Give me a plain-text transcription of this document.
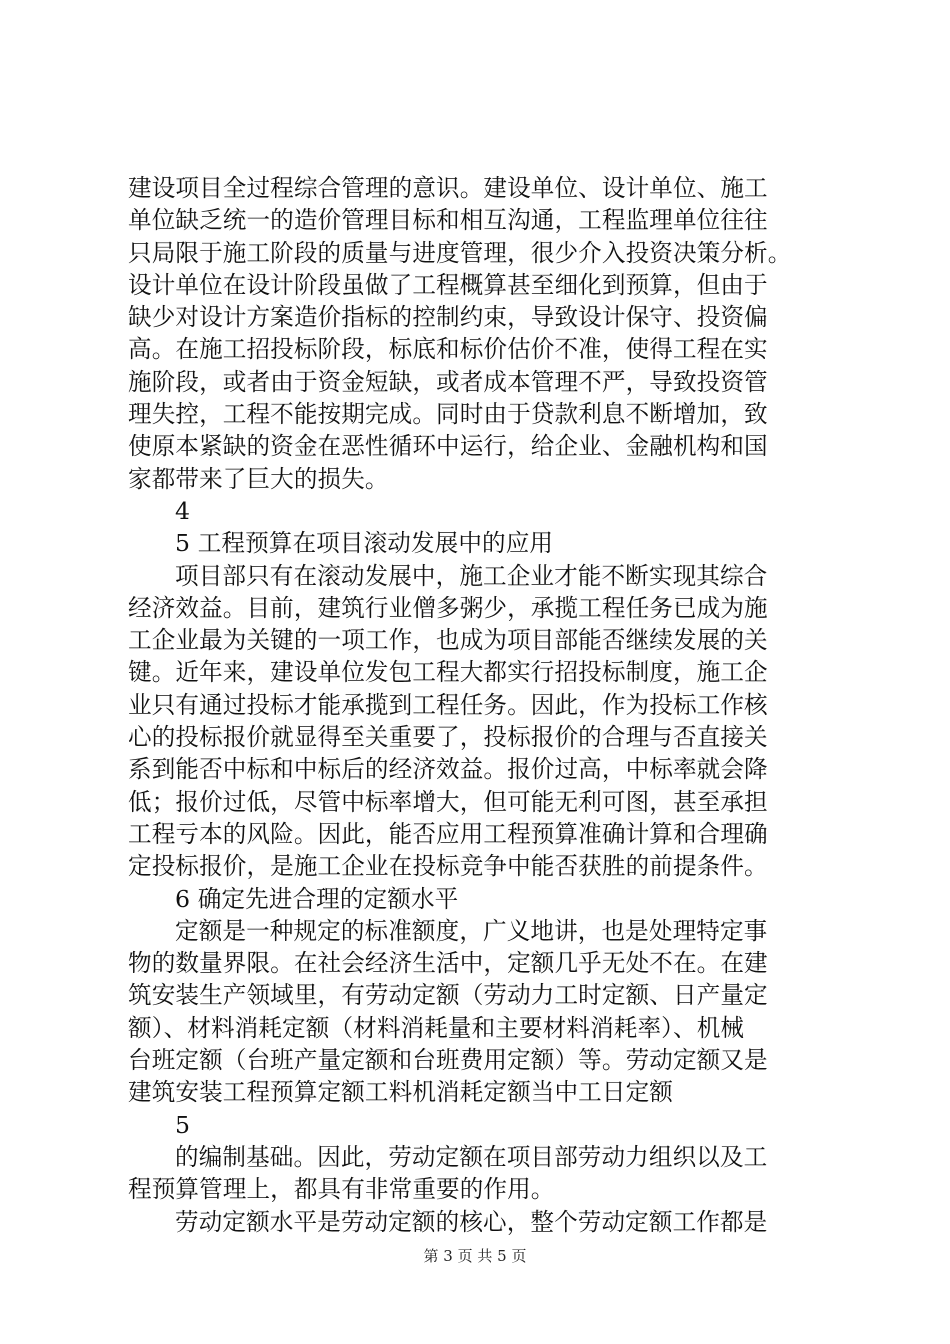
建设项目全过程综合管理的意识。建设单位、设计单位、施工
单位缺乏统一的造价管理目标和相互沟通，工程监理单位往往
只局限于施工阶段的质量与进度管理，很少介入投资决策分析。
设计单位在设计阶段虽做了工程概算甚至细化到预算，但由于
缺少对设计方案造价指标的控制约束，导致设计保守、投资偏
高。在施工招投标阶段，标底和标价估价不准，使得工程在实
施阶段，或者由于资金短缺，或者成本管理不严，导致投资管
理失控，工程不能按期完成。同时由于贷款利息不断增加，致
使原本紧缺的资金在恶性循环中运行，给企业、金融机构和国
家都带来了巨大的损失。
4
5 工程预算在项目滚动发展中的应用
项目部只有在滚动发展中，施工企业才能不断实现其综合
经济效益。目前，建筑行业僧多粥少，承揽工程任务已成为施
工企业最为关键的一项工作，也成为项目部能否继续发展的关
键。近年来，建设单位发包工程大都实行招投标制度，施工企
业只有通过投标才能承揽到工程任务。因此，作为投标工作核
心的投标报价就显得至关重要了，投标报价的合理与否直接关
系到能否中标和中标后的经济效益。报价过高，中标率就会降
低；报价过低，尽管中标率增大，但可能无利可图，甚至承担
工程亏本的风险。因此，能否应用工程预算准确计算和合理确
定投标报价，是施工企业在投标竞争中能否获胜的前提条件。
6 确定先进合理的定额水平
定额是一种规定的标准额度，广义地讲，也是处理特定事
物的数量界限。在社会经济生活中，定额几乎无处不在。在建
筑安装生产领域里，有劳动定额（劳动力工时定额、日产量定
额）、材料消耗定额（材料消耗量和主要材料消耗率）、机械
台班定额（台班产量定额和台班费用定额）等。劳动定额又是
建筑安装工程预算定额工料机消耗定额当中工日定额
5
的编制基础。因此，劳动定额在项目部劳动力组织以及工
程预算管理上，都具有非常重要的作用。
劳动定额水平是劳动定额的核心，整个劳动定额工作都是
第 3 页 共 5 页
